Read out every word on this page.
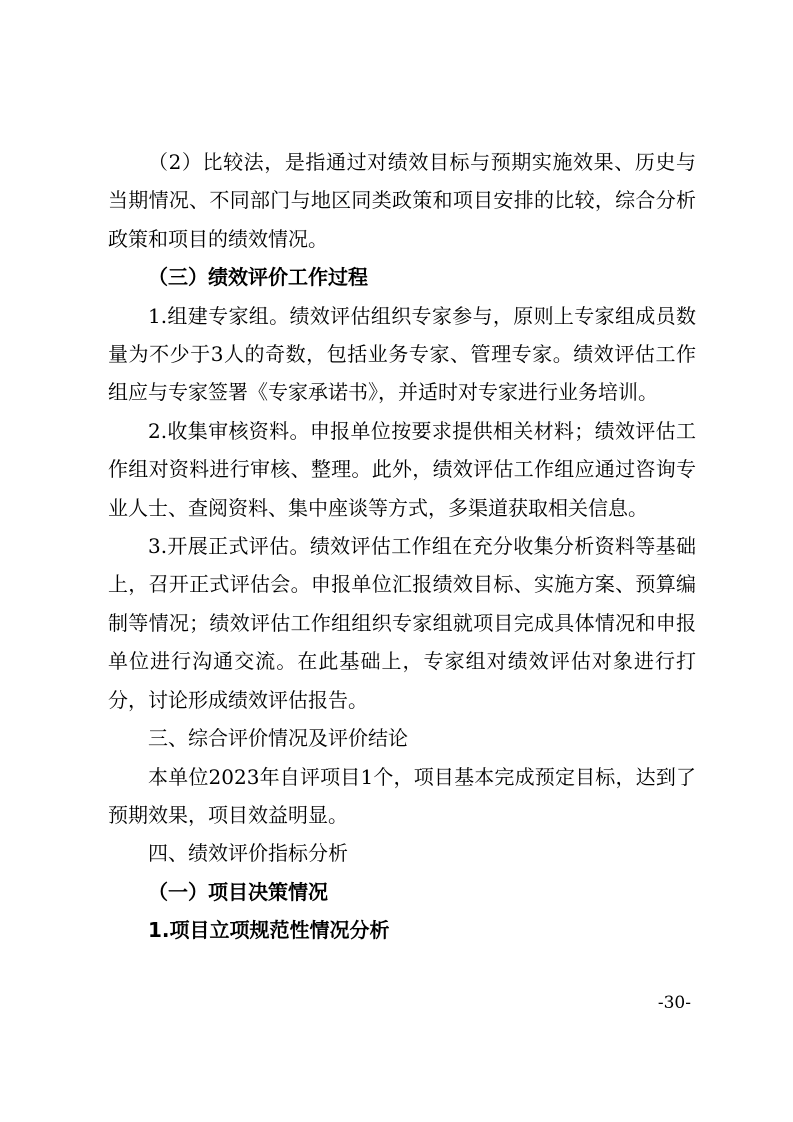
（2）比较法，是指通过对绩效目标与预期实施效果、历史与当期情况、不同部门与地区同类政策和项目安排的比较，综合分析政策和项目的绩效情况。

（三）绩效评价工作过程

1.组建专家组。绩效评估组织专家参与，原则上专家组成员数量为不少于3人的奇数，包括业务专家、管理专家。绩效评估工作组应与专家签署《专家承诺书》，并适时对专家进行业务培训。

2.收集审核资料。申报单位按要求提供相关材料；绩效评估工作组对资料进行审核、整理。此外，绩效评估工作组应通过咨询专业人士、查阅资料、集中座谈等方式，多渠道获取相关信息。

3.开展正式评估。绩效评估工作组在充分收集分析资料等基础上，召开正式评估会。申报单位汇报绩效目标、实施方案、预算编制等情况；绩效评估工作组组织专家组就项目完成具体情况和申报单位进行沟通交流。在此基础上，专家组对绩效评估对象进行打分，讨论形成绩效评估报告。

三、综合评价情况及评价结论

本单位2023年自评项目1个，项目基本完成预定目标，达到了预期效果，项目效益明显。

四、绩效评价指标分析

（一）项目决策情况

1.项目立项规范性情况分析

-30-
